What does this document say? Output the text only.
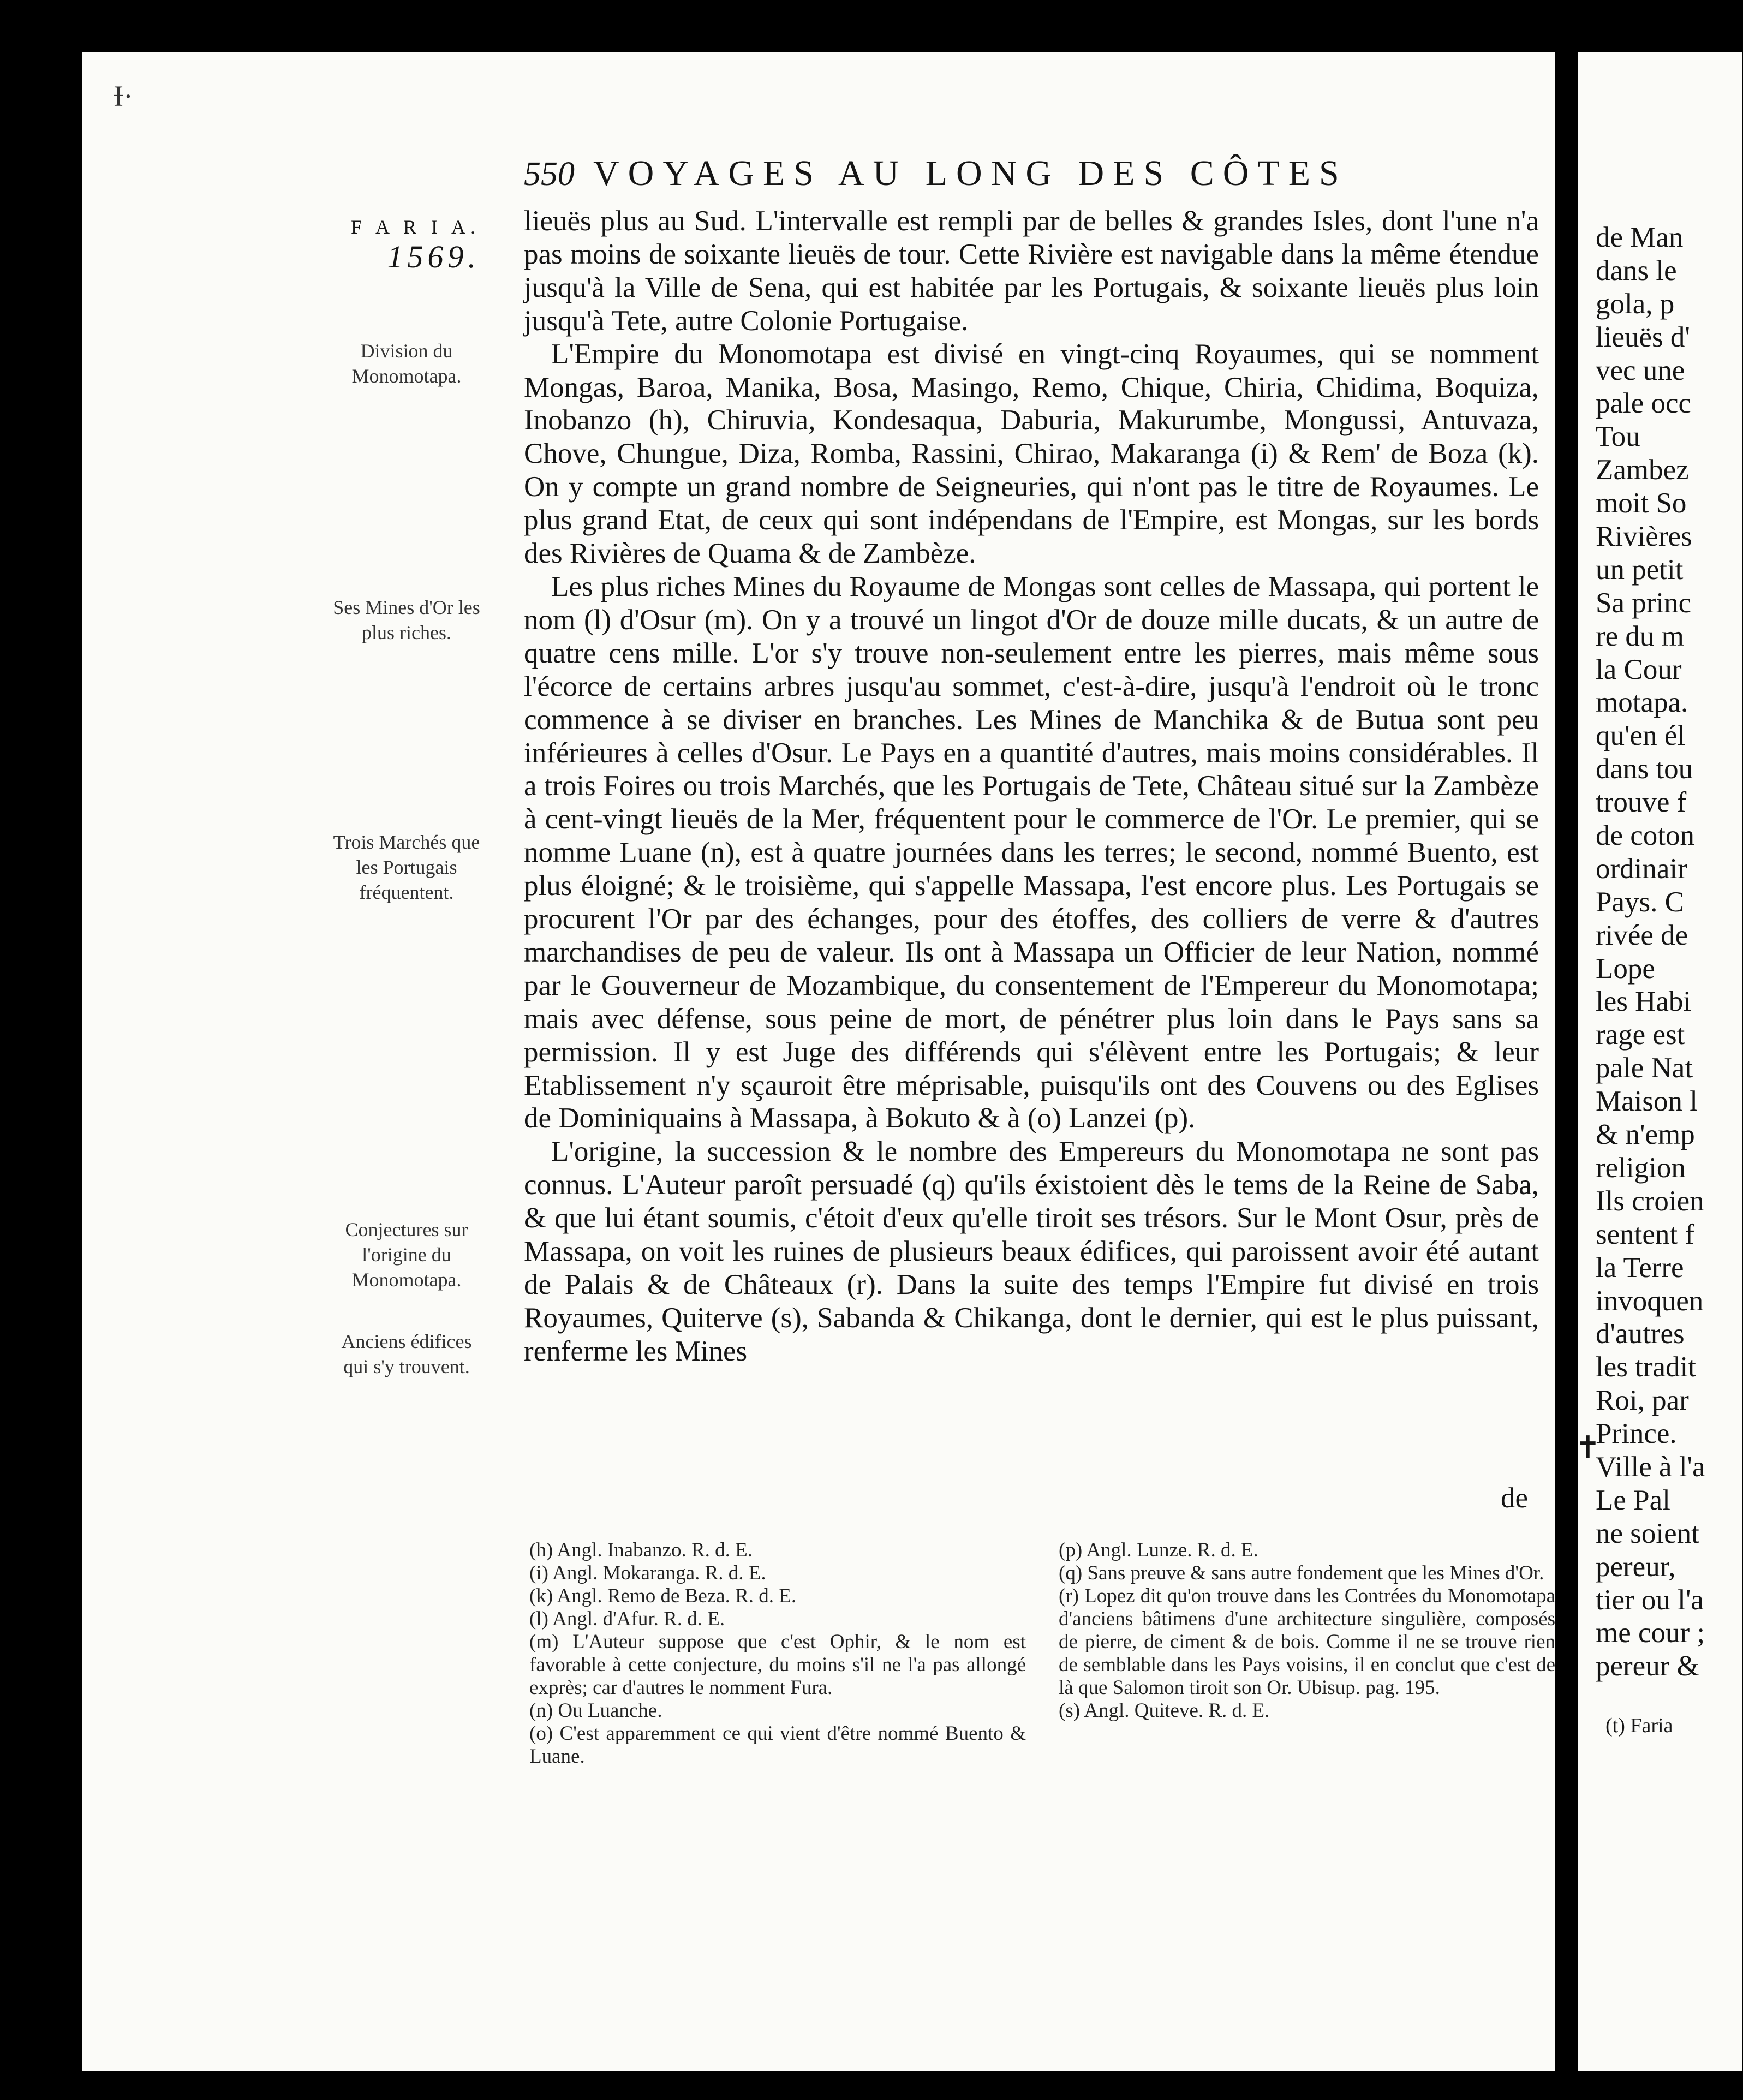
Ɨ·
550 VOYAGES AU LONG DES CÔTES
F A R I A.
1569.
Division du Monomotapa.
Ses Mines d'Or les plus riches.
Trois Marchés que les Portugais fréquentent.
Conjectures sur l'origine du Monomotapa.
Anciens édifices qui s'y trouvent.

lieuës plus au Sud. L'intervalle est rempli par de belles & grandes Isles, dont l'une n'a pas moins de soixante lieuës de tour. Cette Rivière est navigable dans la même étendue jusqu'à la Ville de Sena, qui est habitée par les Portugais, & soixante lieuës plus loin jusqu'à Tete, autre Colonie Portugaise.

L'Empire du Monomotapa est divisé en vingt-cinq Royaumes, qui se nomment Mongas, Baroa, Manika, Bosa, Masingo, Remo, Chique, Chiria, Chidima, Boquiza, Inobanzo (h), Chiruvia, Kondesaqua, Daburia, Makurumbe, Mongussi, Antuvaza, Chove, Chungue, Diza, Romba, Rassini, Chirao, Makaranga (i) & Rem' de Boza (k). On y compte un grand nombre de Seigneuries, qui n'ont pas le titre de Royaumes. Le plus grand Etat, de ceux qui sont indépendans de l'Empire, est Mongas, sur les bords des Rivières de Quama & de Zambèze.

Les plus riches Mines du Royaume de Mongas sont celles de Massapa, qui portent le nom (l) d'Osur (m). On y a trouvé un lingot d'Or de douze mille ducats, & un autre de quatre cens mille. L'or s'y trouve non-seulement entre les pierres, mais même sous l'écorce de certains arbres jusqu'au sommet, c'est-à-dire, jusqu'à l'endroit où le tronc commence à se diviser en branches. Les Mines de Manchika & de Butua sont peu inférieures à celles d'Osur. Le Pays en a quantité d'autres, mais moins considérables. Il a trois Foires ou trois Marchés, que les Portugais de Tete, Château situé sur la Zambèze à cent-vingt lieuës de la Mer, fréquentent pour le commerce de l'Or. Le premier, qui se nomme Luane (n), est à quatre journées dans les terres; le second, nommé Buento, est plus éloigné; & le troisième, qui s'appelle Massapa, l'est encore plus. Les Portugais se procurent l'Or par des échanges, pour des étoffes, des colliers de verre & d'autres marchandises de peu de valeur. Ils ont à Massapa un Officier de leur Nation, nommé par le Gouverneur de Mozambique, du consentement de l'Empereur du Monomotapa; mais avec défense, sous peine de mort, de pénétrer plus loin dans le Pays sans sa permission. Il y est Juge des différends qui s'élèvent entre les Portugais; & leur Etablissement n'y sçauroit être méprisable, puisqu'ils ont des Couvens ou des Eglises de Dominiquains à Massapa, à Bokuto & à (o) Lanzei (p).

L'origine, la succession & le nombre des Empereurs du Monomotapa ne sont pas connus. L'Auteur paroît persuadé (q) qu'ils éxistoient dès le tems de la Reine de Saba, & que lui étant soumis, c'étoit d'eux qu'elle tiroit ses trésors. Sur le Mont Osur, près de Massapa, on voit les ruines de plusieurs beaux édifices, qui paroissent avoir été autant de Palais & de Châteaux (r). Dans la suite des temps l'Empire fut divisé en trois Royaumes, Quiterve (s), Sabanda & Chikanga, dont le dernier, qui est le plus puissant, renferme les Mines

de
(h) Angl. Inabanzo. R. d. E.
(i) Angl. Mokaranga. R. d. E.
(k) Angl. Remo de Beza. R. d. E.
(l) Angl. d'Afur. R. d. E.
(m) L'Auteur suppose que c'est Ophir, & le nom est favorable à cette conjecture, du moins s'il ne l'a pas allongé exprès; car d'autres le nomment Fura.
(n) Ou Luanche.
(o) C'est apparemment ce qui vient d'être nommé Buento & Luane.
(p) Angl. Lunze. R. d. E.
(q) Sans preuve & sans autre fondement que les Mines d'Or.
(r) Lopez dit qu'on trouve dans les Contrées du Monomotapa d'anciens bâtimens d'une architecture singulière, composés de pierre, de ciment & de bois. Comme il ne se trouve rien de semblable dans les Pays voisins, il en conclut que c'est de là que Salomon tiroit son Or. Ubisup. pag. 195.
(s) Angl. Quiteve. R. d. E.
de Man
dans le
gola, p
lieuës d'
vec une
pale occ
Tou
Zambez
moit So
Rivières
un petit
Sa princ
re du m
la Cour
motapa.
qu'en él
dans tou
trouve f
de coton
ordinair
Pays. C
rivée de
Lope
les Habi
rage est
pale Nat
Maison l
& n'emp
religion
Ils croien
sentent f
la Terre
invoquen
d'autres
les tradit
Roi, par
Prince.
Ville à l'a
Le Pal
ne soient
pereur,
tier ou l'a
me cour ;
pereur &
✝
(t) Faria
